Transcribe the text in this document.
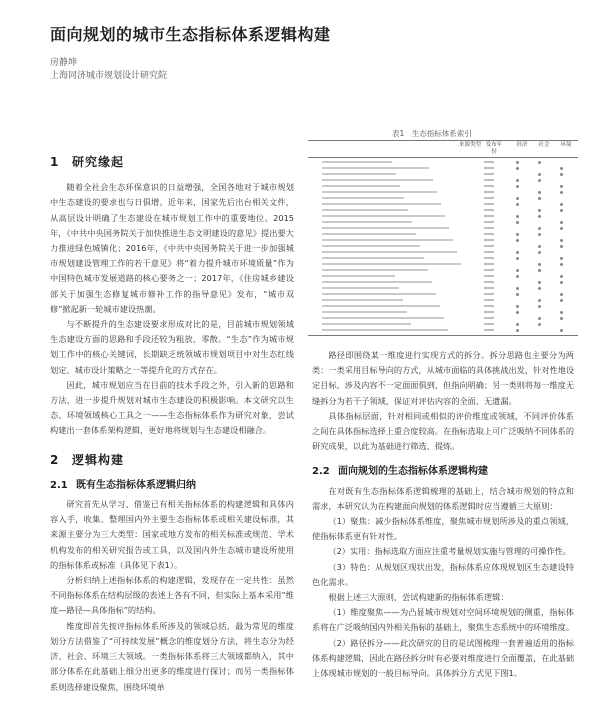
面向规划的城市生态指标体系逻辑构建
房静坤
上海同济城市规划设计研究院
1 研究缘起

随着全社会生态环保意识的日益增强，全国各地对于城市规划中生态建设的要求也与日俱增。近年来，国家先后出台相关文件，从高层设计明确了生态建设在城市规划工作中的重要地位。2015年，《中共中央国务院关于加快推进生态文明建设的意见》提出要大力推进绿色城镇化；2016年，《中共中央国务院关于进一步加强城市规划建设管理工作的若干意见》将“着力提升城市环境质量”作为中国特色城市发展道路的核心要务之一；2017年，《住房城乡建设部关于加强生态修复城市修补工作的指导意见》发布，“城市双修”掀起新一轮城市建设热潮。

与不断提升的生态建设要求形成对比的是，目前城市规划领域生态建设方面的思路和手段还较为粗放、零散。“生态”作为城市规划工作中的核心关键词，长期缺乏统领城市规划项目中对生态红线划定、城市设计策略之一等提升化的方式存在。

因此，城市规划应当在目前的技术手段之外，引入新的思路和方法，进一步提升规划对城市生态建设的积极影响。本文研究以生态、环境领域核心工具之一——生态指标体系作为研究对象，尝试构建出一套体系架构逻辑，更好地将规划与生态建设相融合。

2 逻辑构建
2.1 既有生态指标体系逻辑归纳

研究首先从学习、借鉴已有相关指标体系的构建逻辑和具体内容入手，收集、整理国内外主要生态指标体系或相关建设标准，其来源主要分为三大类型：国家或地方发布的相关标准或规范、学术机构发布的相关研究报告或工具，以及国内外生态城市建设所使用的指标体系或标准（具体见下表1）。

分析归纳上述指标体系的构建逻辑，发现存在一定共性：虽然不同指标体系在结构层级的表述上各有不同，但实际上基本采用“维度—路径—具体指标”的结构。

维度即首先按评指标体系所涉及的领域总括，最为常见的维度划分方法借鉴了“可持续发展”概念的维度划分方法，将生态分为经济、社会、环境三大领域。一类指标体系将三大领域都纳入，其中部分体系在此基础上细分出更多的维度进行探讨；而另一类指标体系则选择建设聚焦，围绕环境单

表1　生态指标体系索引
来源类型 发布年份
经济	社会	环境

路径即围绕某一维度进行实现方式的拆分。拆分思路也主要分为两类：一类采用目标导向的方式，从城市面临的具体挑战出发，针对性地设定目标，涉及内容不一定面面俱到，但指向明确；另一类则将每一维度无缝拆分为若干子领域，保证对评估内容的全面、无遗漏。

具体指标层面，针对相同或相似的评价维度或领域，不同评价体系之间在具体指标选择上重合度较高。在指标选取上可广泛吸纳不同体系的研究成果，以此为基础进行筛选、提炼。

2.2 面向规划的生态指标体系逻辑构建

在对既有生态指标体系逻辑梳理的基础上，结合城市规划的特点和需求，本研究认为在构建面向规划的体系逻辑时应当遵循三大原则：

（1）聚焦：减少指标体系维度，聚焦城市规划所涉及的重点领域，使指标体系更有针对性。

（2）实用：指标选取方面应注重考量规划实施与管理的可操作性。

（3）特色：从规划区现状出发，指标体系应体现规划区生态建设特色化需求。

根据上述三大原则，尝试构建新的指标体系逻辑：

（1）维度聚焦——为凸显城市规划对空间环境规划的侧重，指标体系将在广泛吸纳国内外相关指标的基础上，聚焦生态系统中的环境维度。

（2）路径拆分——此次研究的目的是试图梳理一套普遍适用的指标体系构建逻辑，因此在路径拆分时有必要对维度进行全面覆盖，在此基础上体现城市规划的一般目标导向。具体拆分方式见下图1。
